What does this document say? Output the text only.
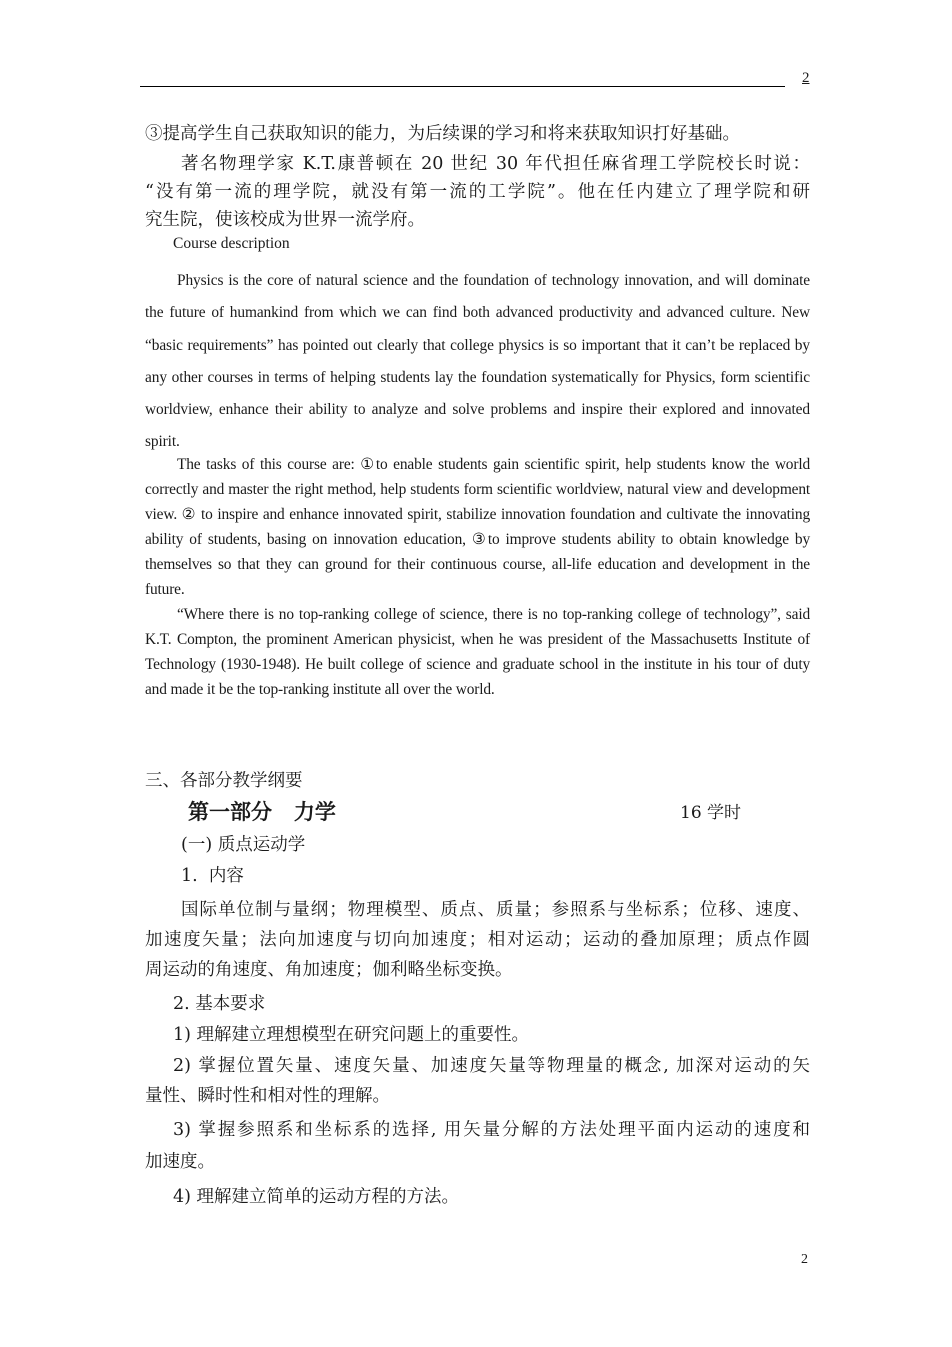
2
③提高学生自己获取知识的能力，为后续课的学习和将来获取知识打好基础。
著名物理学家 K.T.康普顿在 20 世纪 30 年代担任麻省理工学院校长时说：
“没有第一流的理学院，就没有第一流的工学院”。他在任内建立了理学院和研
究生院，使该校成为世界一流学府。
Course description

Physics is the core of natural science and the foundation of technology innovation, and will dominate the future of humankind from which we can find both advanced productivity and advanced culture. New “basic requirements” has pointed out clearly that college physics is so important that it can’t be replaced by any other courses in terms of helping students lay the foundation systematically for Physics, form scientific worldview, enhance their ability to analyze and solve problems and inspire their explored and innovated spirit.

The tasks of this course are: ①to enable students gain scientific spirit, help students know the world correctly and master the right method, help students form scientific worldview, natural view and development view. ② to inspire and enhance innovated spirit, stabilize innovation foundation and cultivate the innovating ability of students, basing on innovation education, ③to improve students ability to obtain knowledge by themselves so that they can ground for their continuous course, all-life education and development in the future.

“Where there is no top-ranking college of science, there is no top-ranking college of technology”, said K.T. Compton, the prominent American physicist, when he was president of the Massachusetts Institute of Technology (1930-1948). He built college of science and graduate school in the institute in his tour of duty and made it be the top-ranking institute all over the world.

三、各部分教学纲要
第一部分   力学	16 学时
(一) 质点运动学
1.  内容
国际单位制与量纲；物理模型、质点、质量；参照系与坐标系；位移、速度、
加速度矢量；法向加速度与切向加速度；相对运动；运动的叠加原理；质点作圆
周运动的角速度、角加速度；伽利略坐标变换。
2. 基本要求
1) 理解建立理想模型在研究问题上的重要性。
2) 掌握位置矢量、速度矢量、加速度矢量等物理量的概念, 加深对运动的矢
量性、瞬时性和相对性的理解。
3) 掌握参照系和坐标系的选择, 用矢量分解的方法处理平面内运动的速度和
加速度。
4) 理解建立简单的运动方程的方法。
2
